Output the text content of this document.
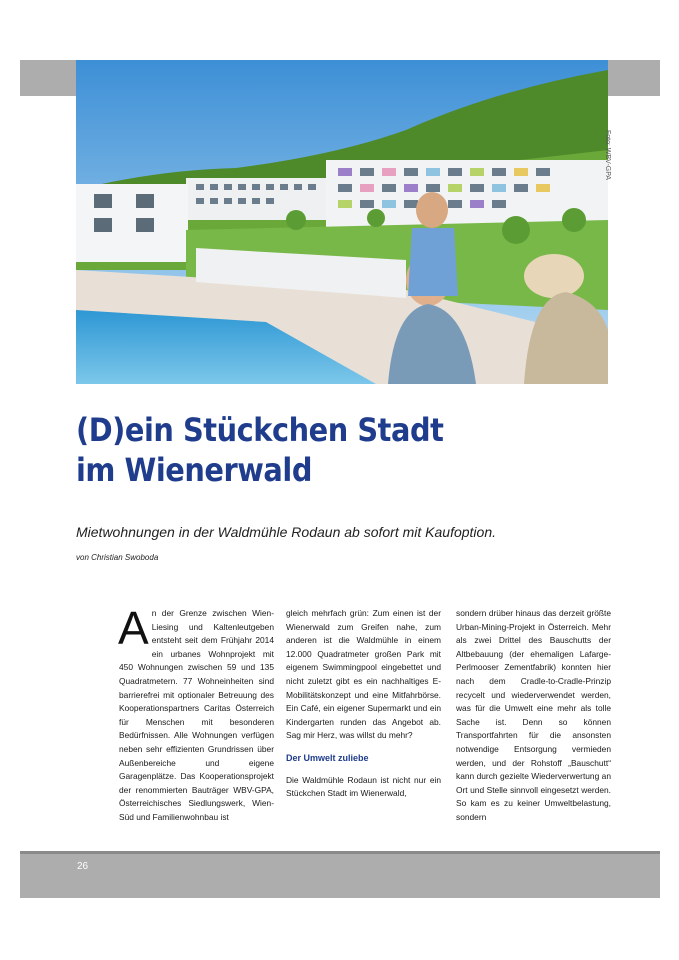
Foto: WBV-GPA
(D)ein Stückchen Stadt
im Wienerwald
Mietwohnungen in der Waldmühle Rodaun ab sofort mit Kaufoption.
von Christian Swoboda

An der Grenze zwischen Wien-Liesing und Kaltenleutgeben entsteht seit dem Frühjahr 2014 ein urbanes Wohnprojekt mit 450 Wohnungen zwischen 59 und 135 Quadratmetern. 77 Wohneinheiten sind barrierefrei mit optionaler Betreuung des Kooperationspartners Caritas Österreich für Menschen mit besonderen Bedürfnissen. Alle Wohnungen verfügen neben sehr effizienten Grundrissen über Außenbereiche und eigene Garagenplätze. Das Kooperationsprojekt der renommierten Bauträger WBV-GPA, Österreichisches Siedlungswerk, Wien-Süd und Familienwohnbau ist

gleich mehrfach grün: Zum einen ist der Wienerwald zum Greifen nahe, zum anderen ist die Waldmühle in einem 12.000 Quadratmeter großen Park mit eigenem Swimmingpool eingebettet und nicht zuletzt gibt es ein nachhaltiges E-Mobilitätskonzept und eine Mitfahrbörse. Ein Café, ein eigener Supermarkt und ein Kindergarten runden das Angebot ab. Sag mir Herz, was willst du mehr?

Der Umwelt zuliebe

Die Waldmühle Rodaun ist nicht nur ein Stückchen Stadt im Wienerwald,

sondern drüber hinaus das derzeit größte Urban-Mining-Projekt in Österreich. Mehr als zwei Drittel des Bauschutts der Altbebauung (der ehemaligen Lafarge-Perlmooser Zementfabrik) konnten hier nach dem Cradle-to-Cradle-Prinzip recycelt und wiederverwendet werden, was für die Umwelt eine mehr als tolle Sache ist. Denn so können Transportfahrten für die ansonsten notwendige Entsorgung vermieden werden, und der Rohstoff „Bauschutt“ kann durch gezielte Wiederverwertung an Ort und Stelle sinnvoll eingesetzt werden. So kam es zu keiner Umweltbelastung, sondern

26
